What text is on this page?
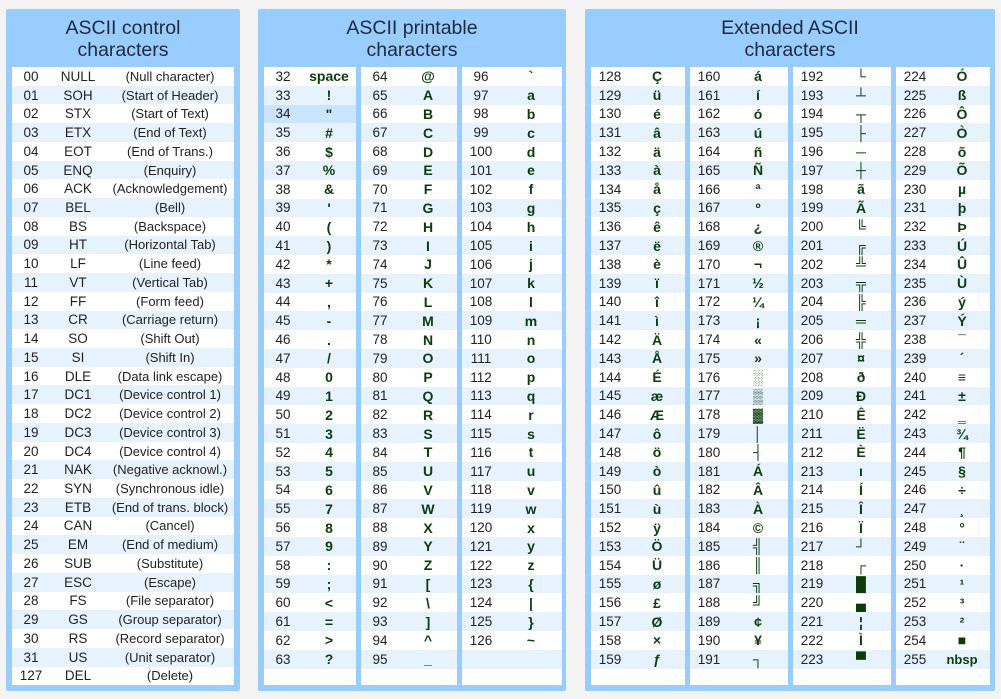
ASCII control
characters
00	NULL	(Null character)
01	SOH	(Start of Header)
02	STX	(Start of Text)
03	ETX	(End of Text)
04	EOT	(End of Trans.)
05	ENQ	(Enquiry)
06	ACK	(Acknowledgement)
07	BEL	(Bell)
08	BS	(Backspace)
09	HT	(Horizontal Tab)
10	LF	(Line feed)
11	VT	(Vertical Tab)
12	FF	(Form feed)
13	CR	(Carriage return)
14	SO	(Shift Out)
15	SI	(Shift In)
16	DLE	(Data link escape)
17	DC1	(Device control 1)
18	DC2	(Device control 2)
19	DC3	(Device control 3)
20	DC4	(Device control 4)
21	NAK	(Negative acknowl.)
22	SYN	(Synchronous idle)
23	ETB	(End of trans. block)
24	CAN	(Cancel)
25	EM	(End of medium)
26	SUB	(Substitute)
27	ESC	(Escape)
28	FS	(File separator)
29	GS	(Group separator)
30	RS	(Record separator)
31	US	(Unit separator)
127	DEL	(Delete)
ASCII printable
characters
32	space
33	!
34	"
35	#
36	$
37	%
38	&
39	'
40	(
41	)
42	*
43	+
44	,
45	-
46	.
47	/
48	0
49	1
50	2
51	3
52	4
53	5
54	6
55	7
56	8
57	9
58	:
59	;
60	<
61	=
62	>
63	?
64	@
65	A
66	B
67	C
68	D
69	E
70	F
71	G
72	H
73	I
74	J
75	K
76	L
77	M
78	N
79	O
80	P
81	Q
82	R
83	S
84	T
85	U
86	V
87	W
88	X
89	Y
90	Z
91	[
92	\
93	]
94	^
95	_
96	`
97	a
98	b
99	c
100	d
101	e
102	f
103	g
104	h
105	i
106	j
107	k
108	l
109	m
110	n
111	o
112	p
113	q
114	r
115	s
116	t
117	u
118	v
119	w
120	x
121	y
122	z
123	{
124	|
125	}
126	~
Extended ASCII
characters
128	Ç
129	ü
130	é
131	â
132	ä
133	à
134	å
135	ç
136	ê
137	ë
138	è
139	ï
140	î
141	ì
142	Ä
143	Å
144	É
145	æ
146	Æ
147	ô
148	ö
149	ò
150	û
151	ù
152	ÿ
153	Ö
154	Ü
155	ø
156	£
157	Ø
158	×
159	ƒ
160	á
161	í
162	ó
163	ú
164	ñ
165	Ñ
166	ª
167	º
168	¿
169	®
170	¬
171	½
172	¼
173	¡
174	«
175	»
176	░
177	▒
178	▓
179	│
180	┤
181	Á
182	Â
183	À
184	©
185	╣
186	║
187	╗
188	╝
189	¢
190	¥
191	┐
192	└
193	┴
194	┬
195	├
196	─
197	┼
198	ã
199	Ã
200	╚
201	╔
202	╩
203	╦
204	╠
205	═
206	╬
207	¤
208	ð
209	Ð
210	Ê
211	Ë
212	È
213	ı
214	Í
215	Î
216	Ï
217	┘
218	┌
219	█
220	▄
221	¦
222	Ì
223	▀
224	Ó
225	ß
226	Ô
227	Ò
228	õ
229	Õ
230	µ
231	þ
232	Þ
233	Ú
234	Û
235	Ù
236	ý
237	Ý
238	¯
239	´
240	≡
241	±
242	‗
243	¾
244	¶
245	§
246	÷
247	¸
248	°
249	¨
250	·
251	¹
252	³
253	²
254	■
255	nbsp
